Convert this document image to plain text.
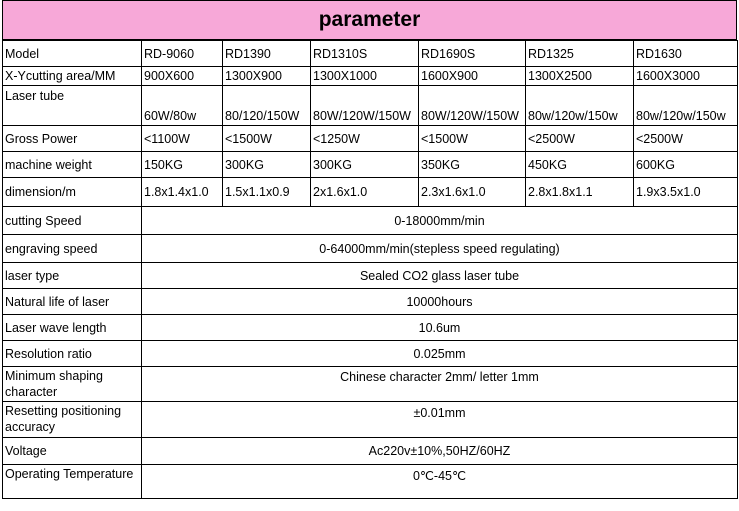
parameter
Model	RD-9060	RD1390	RD1310S	RD1690S	RD1325	RD1630
X-Ycutting area/MM	900X600	1300X900	1300X1000	1600X900	1300X2500	1600X3000
Laser tube	60W/80w	80/120/150W	80W/120W/150W	80W/120W/150W	80w/120w/150w	80w/120w/150w
Gross Power	<1100W	<1500W	<1250W	<1500W	<2500W	<2500W
machine weight	150KG	300KG	300KG	350KG	450KG	600KG
dimension/m	1.8x1.4x1.0	1.5x1.1x0.9	2x1.6x1.0	2.3x1.6x1.0	2.8x1.8x1.1	1.9x3.5x1.0
cutting Speed	0-18000mm/min					
engraving speed	0-64000mm/min(stepless speed regulating)					
laser type	Sealed CO2 glass laser tube					
Natural life of laser	10000hours					
Laser wave length	10.6um					
Resolution ratio	0.025mm					
Minimum shaping character	Chinese character 2mm/ letter 1mm					
Resetting positioning accuracy	±0.01mm					
Voltage	Ac220v±10%,50HZ/60HZ					
Operating Temperature	0℃-45℃					
